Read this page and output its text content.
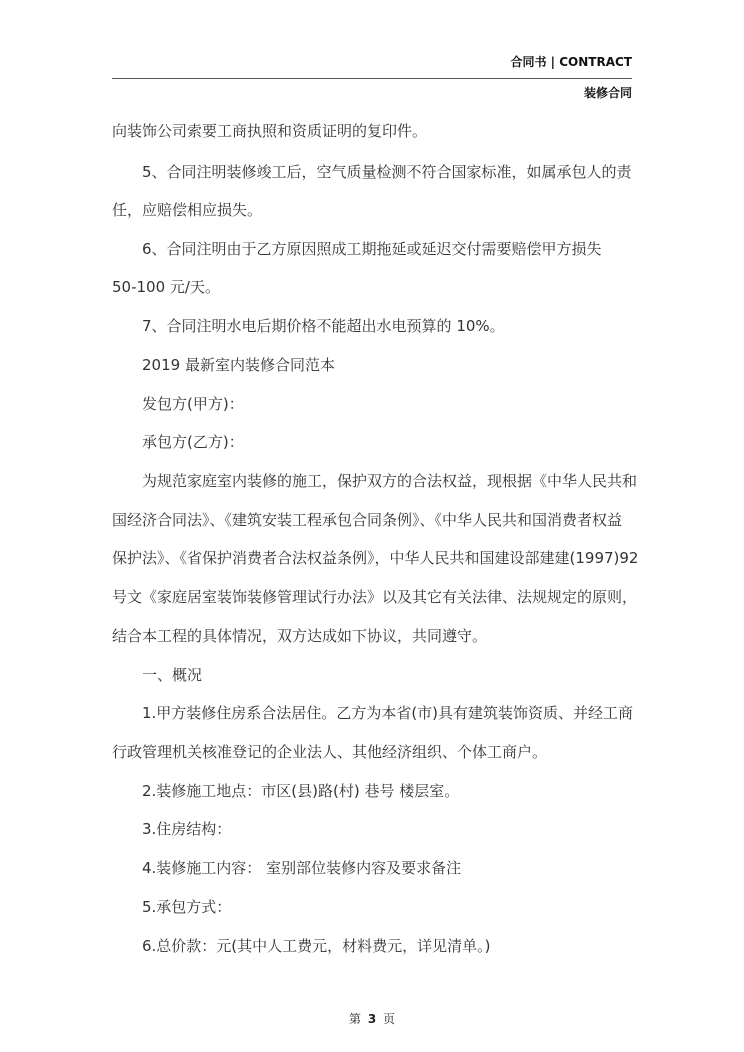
合同书 | CONTRACT
装修合同
向装饰公司索要工商执照和资质证明的复印件。
5、合同注明装修竣工后，空气质量检测不符合国家标准，如属承包人的责
任，应赔偿相应损失。
6、合同注明由于乙方原因照成工期拖延或延迟交付需要赔偿甲方损失
50-100 元/天。
7、合同注明水电后期价格不能超出水电预算的 10%。
2019 最新室内装修合同范本
发包方(甲方)：
承包方(乙方)：
为规范家庭室内装修的施工，保护双方的合法权益，现根据《中华人民共和
国经济合同法》、《建筑安装工程承包合同条例》、《中华人民共和国消费者权益
保护法》、《省保护消费者合法权益条例》，中华人民共和国建设部建建(1997)92
号文《家庭居室装饰装修管理试行办法》以及其它有关法律、法规规定的原则，
结合本工程的具体情况，双方达成如下协议，共同遵守。
一、概况
1.甲方装修住房系合法居住。乙方为本省(市)具有建筑装饰资质、并经工商
行政管理机关核准登记的企业法人、其他经济组织、个体工商户。
2.装修施工地点：市区(县)路(村) 巷号 楼层室。
3.住房结构：
4.装修施工内容： 室别部位装修内容及要求备注
5.承包方式：
6.总价款：元(其中人工费元，材料费元，详见清单。)
第 3 页
